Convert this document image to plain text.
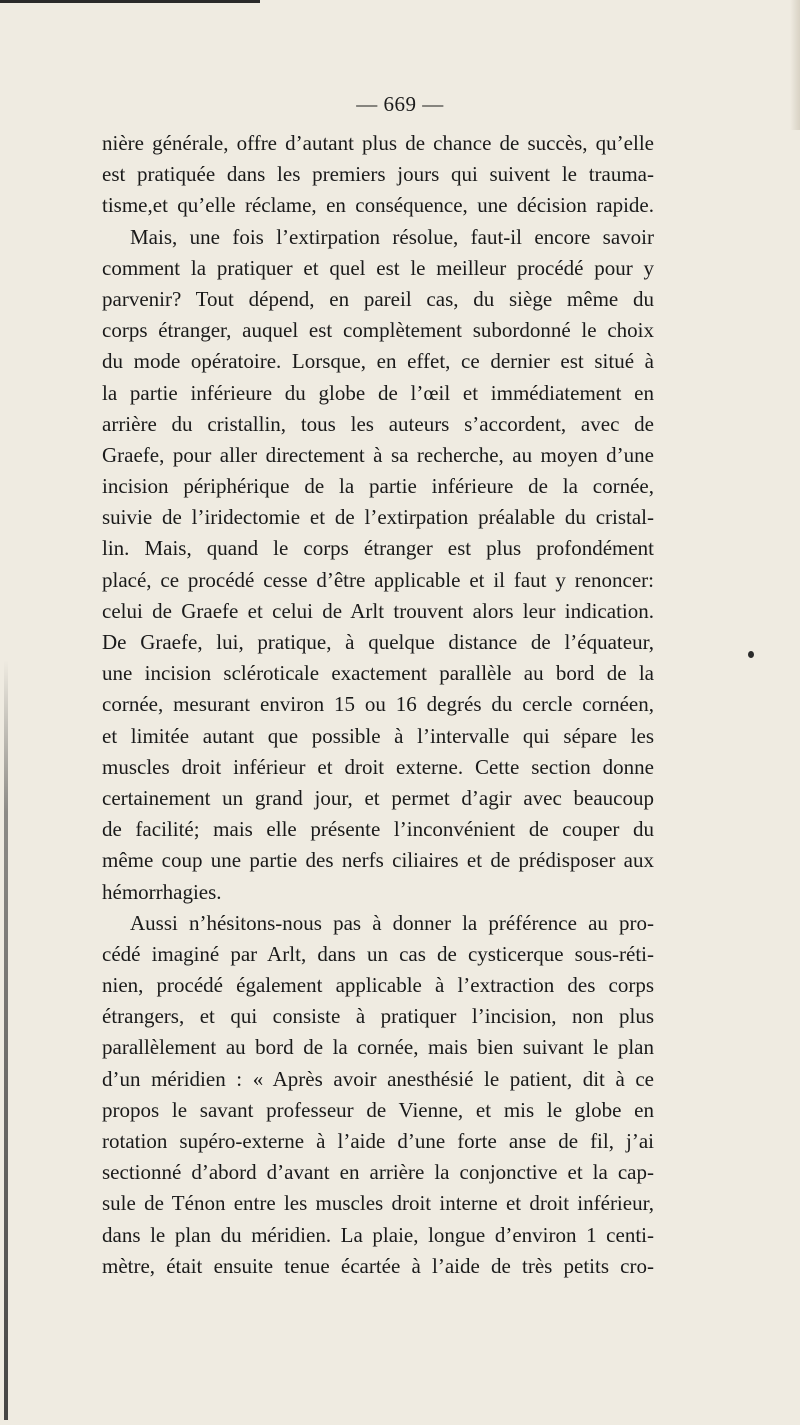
— 669 —
nière générale, offre d’autant plus de chance de succès, qu’elle
est pratiquée dans les premiers jours qui suivent le trauma-
tisme,et qu’elle réclame, en conséquence, une décision rapide.
Mais, une fois l’extirpation résolue, faut-il encore savoir
comment la pratiquer et quel est le meilleur procédé pour y
parvenir? Tout dépend, en pareil cas, du siège même du
corps étranger, auquel est complètement subordonné le choix
du mode opératoire. Lorsque, en effet, ce dernier est situé à
la partie inférieure du globe de l’œil et immédiatement en
arrière du cristallin, tous les auteurs s’accordent, avec de
Graefe, pour aller directement à sa recherche, au moyen d’une
incision périphérique de la partie inférieure de la cornée,
suivie de l’iridectomie et de l’extirpation préalable du cristal-
lin. Mais, quand le corps étranger est plus profondément
placé, ce procédé cesse d’être applicable et il faut y renoncer:
celui de Graefe et celui de Arlt trouvent alors leur indication.
De Graefe, lui, pratique, à quelque distance de l’équateur,
une incision scléroticale exactement parallèle au bord de la
cornée, mesurant environ 15 ou 16 degrés du cercle cornéen,
et limitée autant que possible à l’intervalle qui sépare les
muscles droit inférieur et droit externe. Cette section donne
certainement un grand jour, et permet d’agir avec beaucoup
de facilité; mais elle présente l’inconvénient de couper du
même coup une partie des nerfs ciliaires et de prédisposer aux
hémorrhagies.
Aussi n’hésitons-nous pas à donner la préférence au pro-
cédé imaginé par Arlt, dans un cas de cysticerque sous-réti-
nien, procédé également applicable à l’extraction des corps
étrangers, et qui consiste à pratiquer l’incision, non plus
parallèlement au bord de la cornée, mais bien suivant le plan
d’un méridien : « Après avoir anesthésié le patient, dit à ce
propos le savant professeur de Vienne, et mis le globe en
rotation supéro-externe à l’aide d’une forte anse de fil, j’ai
sectionné d’abord d’avant en arrière la conjonctive et la cap-
sule de Ténon entre les muscles droit interne et droit inférieur,
dans le plan du méridien. La plaie, longue d’environ 1 centi-
mètre, était ensuite tenue écartée à l’aide de très petits cro-
